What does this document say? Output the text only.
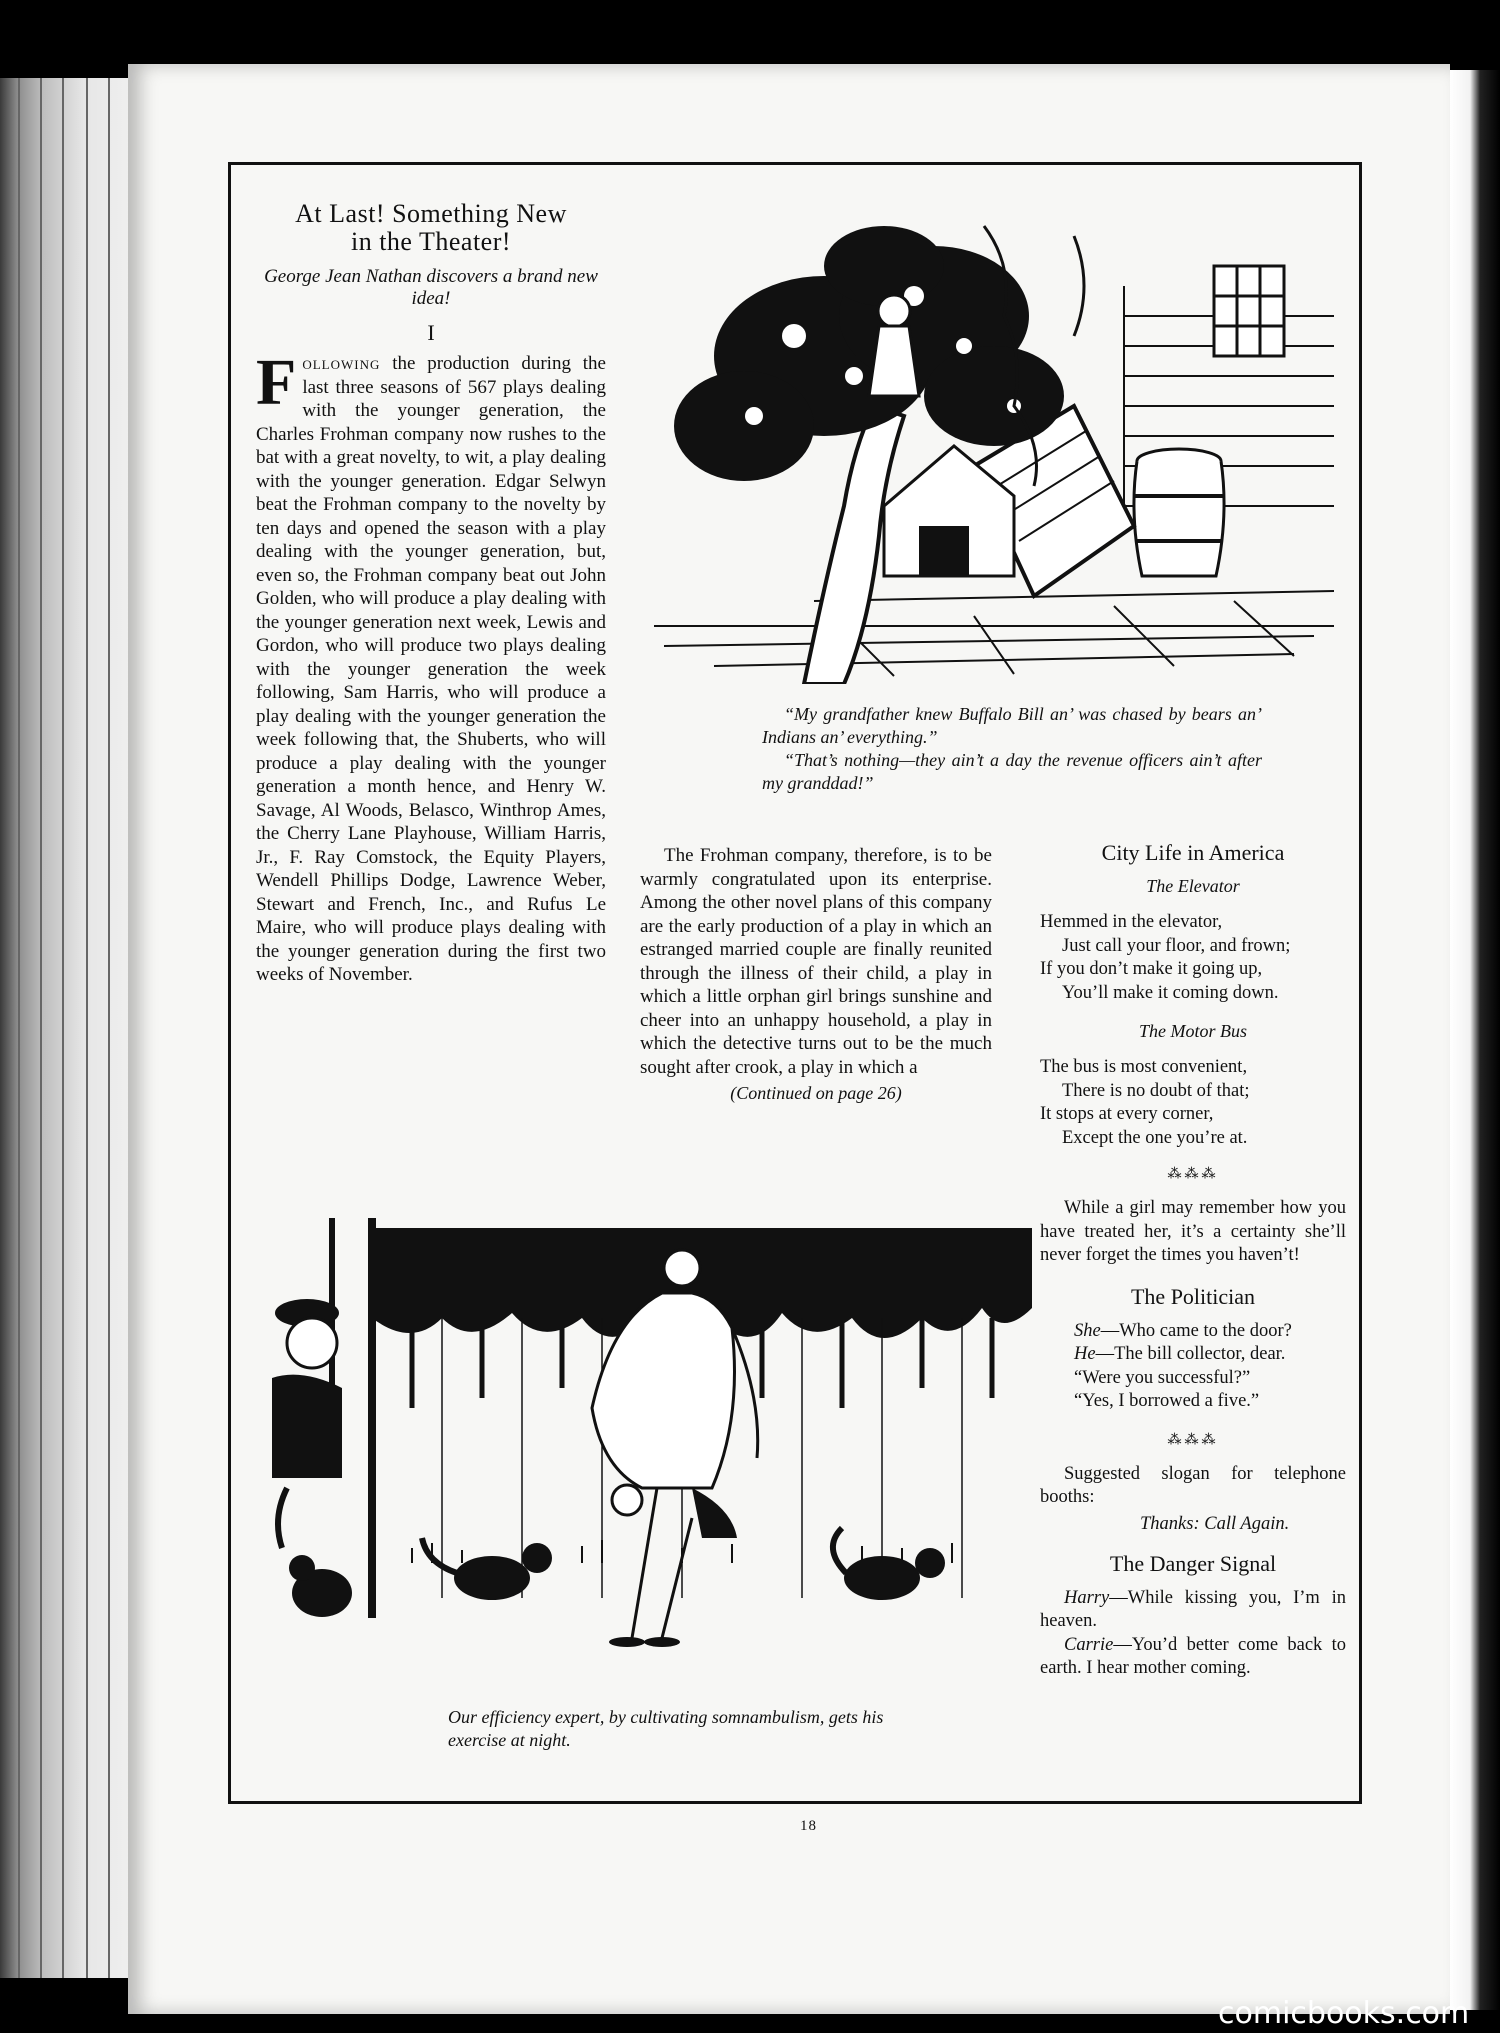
At Last! Something New
in the Theater!
George Jean Nathan discovers a brand new idea!
I

Following the production during the last three seasons of 567 plays dealing with the younger generation, the Charles Frohman company now rushes to the bat with a great novelty, to wit, a play dealing with the younger generation. Edgar Selwyn beat the Frohman company to the novelty by ten days and opened the season with a play dealing with the younger generation, but, even so, the Frohman company beat out John Golden, who will produce a play dealing with the younger generation next week, Lewis and Gordon, who will produce two plays dealing with the younger generation the week following, Sam Harris, who will produce a play dealing with the younger generation the week following that, the Shuberts, who will produce a play dealing with the younger generation a month hence, and Henry W. Savage, Al Woods, Belasco, Winthrop Ames, the Cherry Lane Playhouse, William Harris, Jr., F. Ray Comstock, the Equity Players, Wendell Phillips Dodge, Lawrence Weber, Stewart and French, Inc., and Rufus Le Maire, who will produce plays dealing with the younger generation during the first two weeks of November.

“My grandfather knew Buffalo Bill an’ was chased by bears an’ Indians an’ everything.”

“That’s nothing—they ain’t a day the revenue officers ain’t after my granddad!”

The Frohman company, therefore, is to be warmly congratulated upon its enterprise. Among the other novel plans of this company are the early production of a play in which an estranged married couple are finally reunited through the illness of their child, a play in which a little orphan girl brings sunshine and cheer into an unhappy household, a play in which the detective turns out to be the much sought after crook, a play in which a

(Continued on page 26)
Our efficiency expert, by cultivating somnambulism, gets his exercise at night.
City Life in America
The Elevator
Hemmed in the elevator,
Just call your floor, and frown;
If you don’t make it going up,
You’ll make it coming down.
The Motor Bus
The bus is most convenient,
There is no doubt of that;
It stops at every corner,
Except the one you’re at.
⁂⁂⁂

While a girl may remember how you have treated her, it’s a certainty she’ll never forget the times you haven’t!

The Politician
She—Who came to the door?
He—The bill collector, dear.
“Were you successful?”
“Yes, I borrowed a five.”
⁂⁂⁂

Suggested slogan for telephone booths:

Thanks: Call Again.
The Danger Signal

Harry—While kissing you, I’m in heaven.

Carrie—You’d better come back to earth. I hear mother coming.

18
comicbooks.com
